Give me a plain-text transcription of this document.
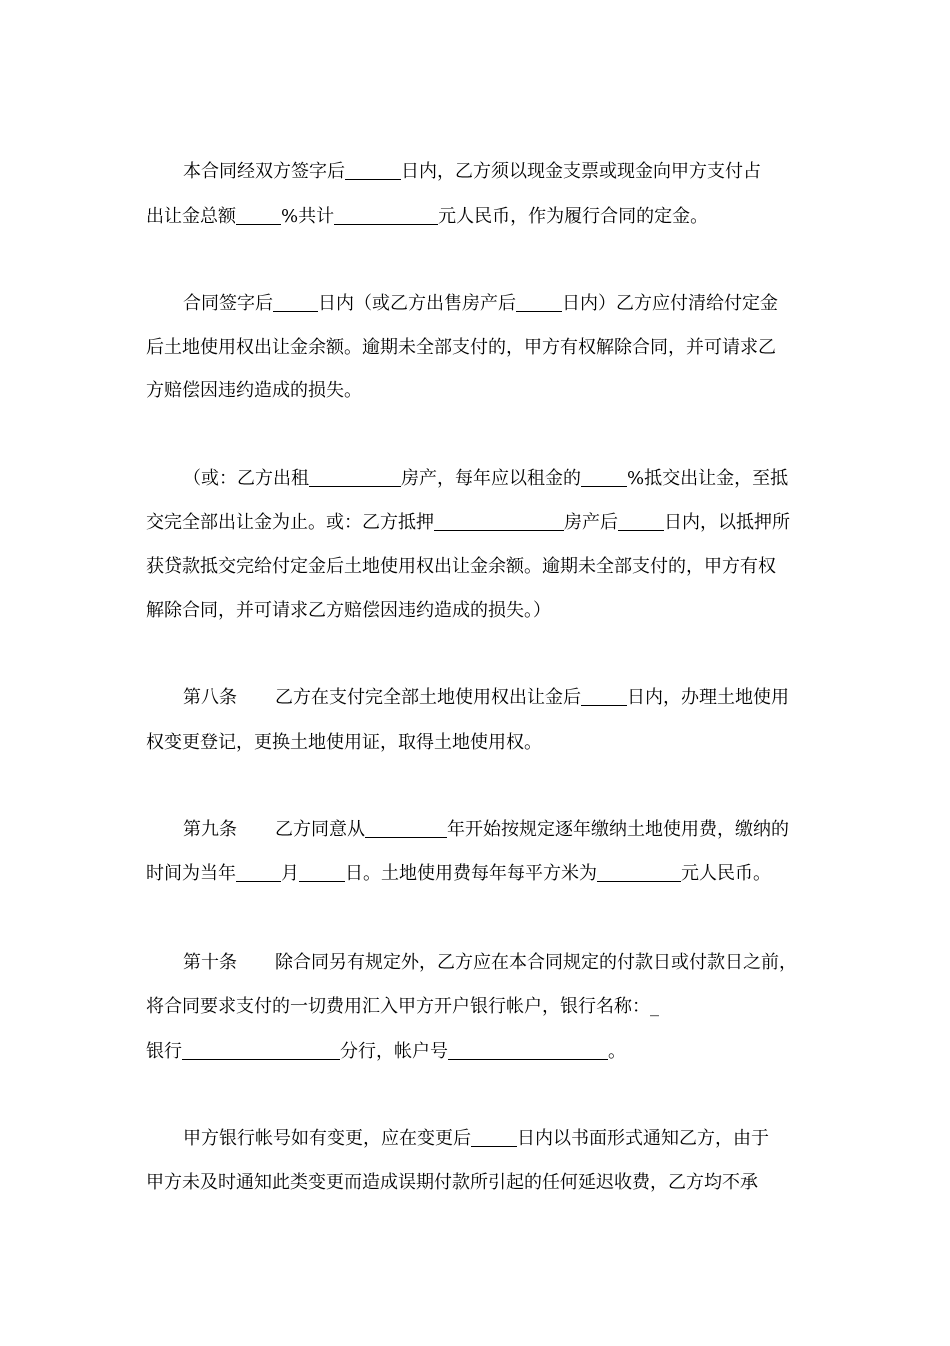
本合同经双方签字后	日内，乙方须以现金支票或现金向甲方支付占
出让金总额	%共计	元人民币，作为履行合同的定金。
合同签字后	日内（或乙方出售房产后	日内）乙方应付清给付定金
后土地使用权出让金余额。逾期未全部支付的，甲方有权解除合同，并可请求乙
方赔偿因违约造成的损失。
（或：乙方出租	房产，每年应以租金的	%抵交出让金，至抵
交完全部出让金为止。或：乙方抵押	房产后	日内，以抵押所
获贷款抵交完给付定金后土地使用权出让金余额。逾期未全部支付的，甲方有权
解除合同，并可请求乙方赔偿因违约造成的损失。）
第八条 乙方在支付完全部土地使用权出让金后	日内，办理土地使用
权变更登记，更换土地使用证，取得土地使用权。
第九条 乙方同意从	年开始按规定逐年缴纳土地使用费，缴纳的
时间为当年	月	日。土地使用费每年每平方米为	元人民币。
第十条 除合同另有规定外，乙方应在本合同规定的付款日或付款日之前，
将合同要求支付的一切费用汇入甲方开户银行帐户，银行名称：_
银行	分行，帐户号	。
甲方银行帐号如有变更，应在变更后	日内以书面形式通知乙方，由于
甲方未及时通知此类变更而造成误期付款所引起的任何延迟收费，乙方均不承
